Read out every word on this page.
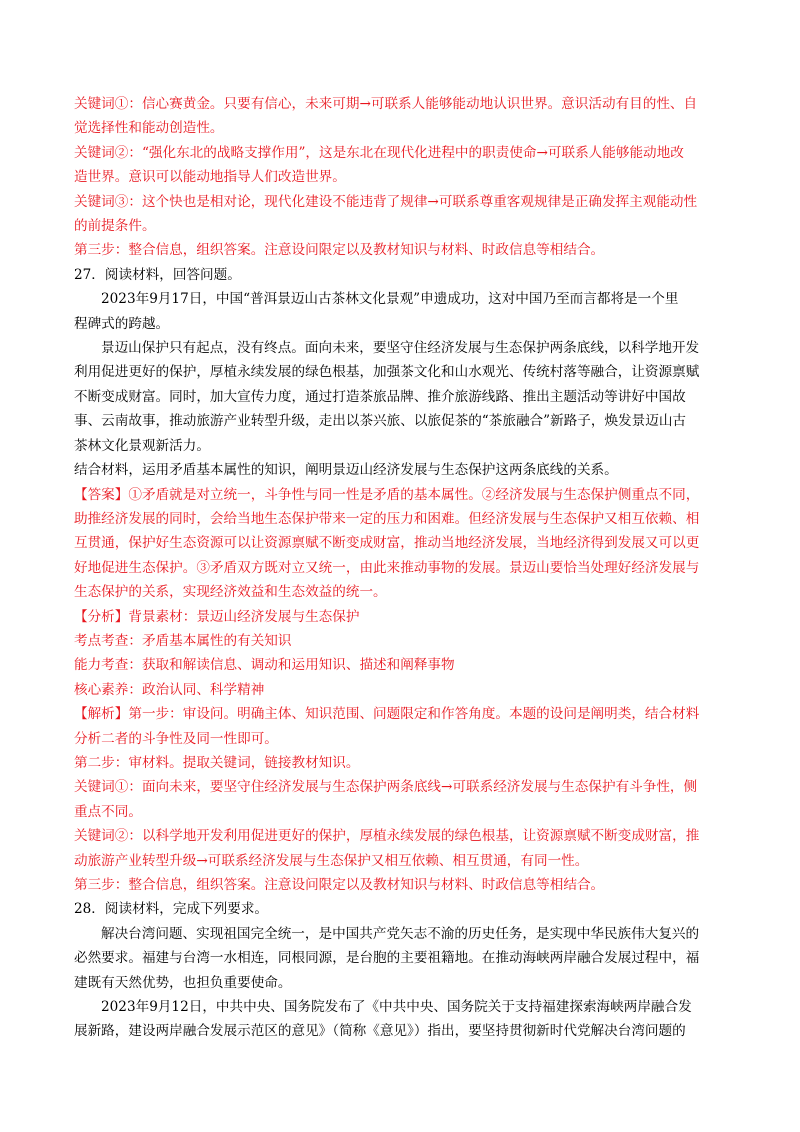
关键词①：信心赛黄金。只要有信心，未来可期→可联系人能够能动地认识世界。意识活动有目的性、自
觉选择性和能动创造性。
关键词②：“强化东北的战略支撑作用”，这是东北在现代化进程中的职责使命→可联系人能够能动地改
造世界。意识可以能动地指导人们改造世界。
关键词③：这个快也是相对论，现代化建设不能违背了规律→可联系尊重客观规律是正确发挥主观能动性
的前提条件。
第三步：整合信息，组织答案。注意设问限定以及教材知识与材料、时政信息等相结合。
27．阅读材料，回答问题。
2023年9月17日，中国“普洱景迈山古茶林文化景观”申遗成功，这对中国乃至而言都将是一个里
程碑式的跨越。
景迈山保护只有起点，没有终点。面向未来，要坚守住经济发展与生态保护两条底线，以科学地开发
利用促进更好的保护，厚植永续发展的绿色根基，加强茶文化和山水观光、传统村落等融合，让资源禀赋
不断变成财富。同时，加大宣传力度，通过打造茶旅品牌、推介旅游线路、推出主题活动等讲好中国故
事、云南故事，推动旅游产业转型升级，走出以茶兴旅、以旅促茶的“茶旅融合”新路子，焕发景迈山古
茶林文化景观新活力。
结合材料，运用矛盾基本属性的知识，阐明景迈山经济发展与生态保护这两条底线的关系。
【答案】①矛盾就是对立统一，斗争性与同一性是矛盾的基本属性。②经济发展与生态保护侧重点不同，
助推经济发展的同时，会给当地生态保护带来一定的压力和困难。但经济发展与生态保护又相互依赖、相
互贯通，保护好生态资源可以让资源禀赋不断变成财富，推动当地经济发展，当地经济得到发展又可以更
好地促进生态保护。③矛盾双方既对立又统一，由此来推动事物的发展。景迈山要恰当处理好经济发展与
生态保护的关系，实现经济效益和生态效益的统一。
【分析】背景素材：景迈山经济发展与生态保护
考点考查：矛盾基本属性的有关知识
能力考查：获取和解读信息、调动和运用知识、描述和阐释事物
核心素养：政治认同、科学精神
【解析】第一步：审设问。明确主体、知识范围、问题限定和作答角度。本题的设问是阐明类，结合材料
分析二者的斗争性及同一性即可。
第二步：审材料。提取关键词，链接教材知识。
关键词①：面向未来，要坚守住经济发展与生态保护两条底线→可联系经济发展与生态保护有斗争性，侧
重点不同。
关键词②：以科学地开发利用促进更好的保护，厚植永续发展的绿色根基，让资源禀赋不断变成财富，推
动旅游产业转型升级→可联系经济发展与生态保护又相互依赖、相互贯通，有同一性。
第三步：整合信息，组织答案。注意设问限定以及教材知识与材料、时政信息等相结合。
28．阅读材料，完成下列要求。
解决台湾问题、实现祖国完全统一，是中国共产党矢志不渝的历史任务，是实现中华民族伟大复兴的
必然要求。福建与台湾一水相连，同根同源，是台胞的主要祖籍地。在推动海峡两岸融合发展过程中，福
建既有天然优势，也担负重要使命。
2023年9月12日，中共中央、国务院发布了《中共中央、国务院关于支持福建探索海峡两岸融合发
展新路，建设两岸融合发展示范区的意见》（简称《意见》）指出，要坚持贯彻新时代党解决台湾问题的
